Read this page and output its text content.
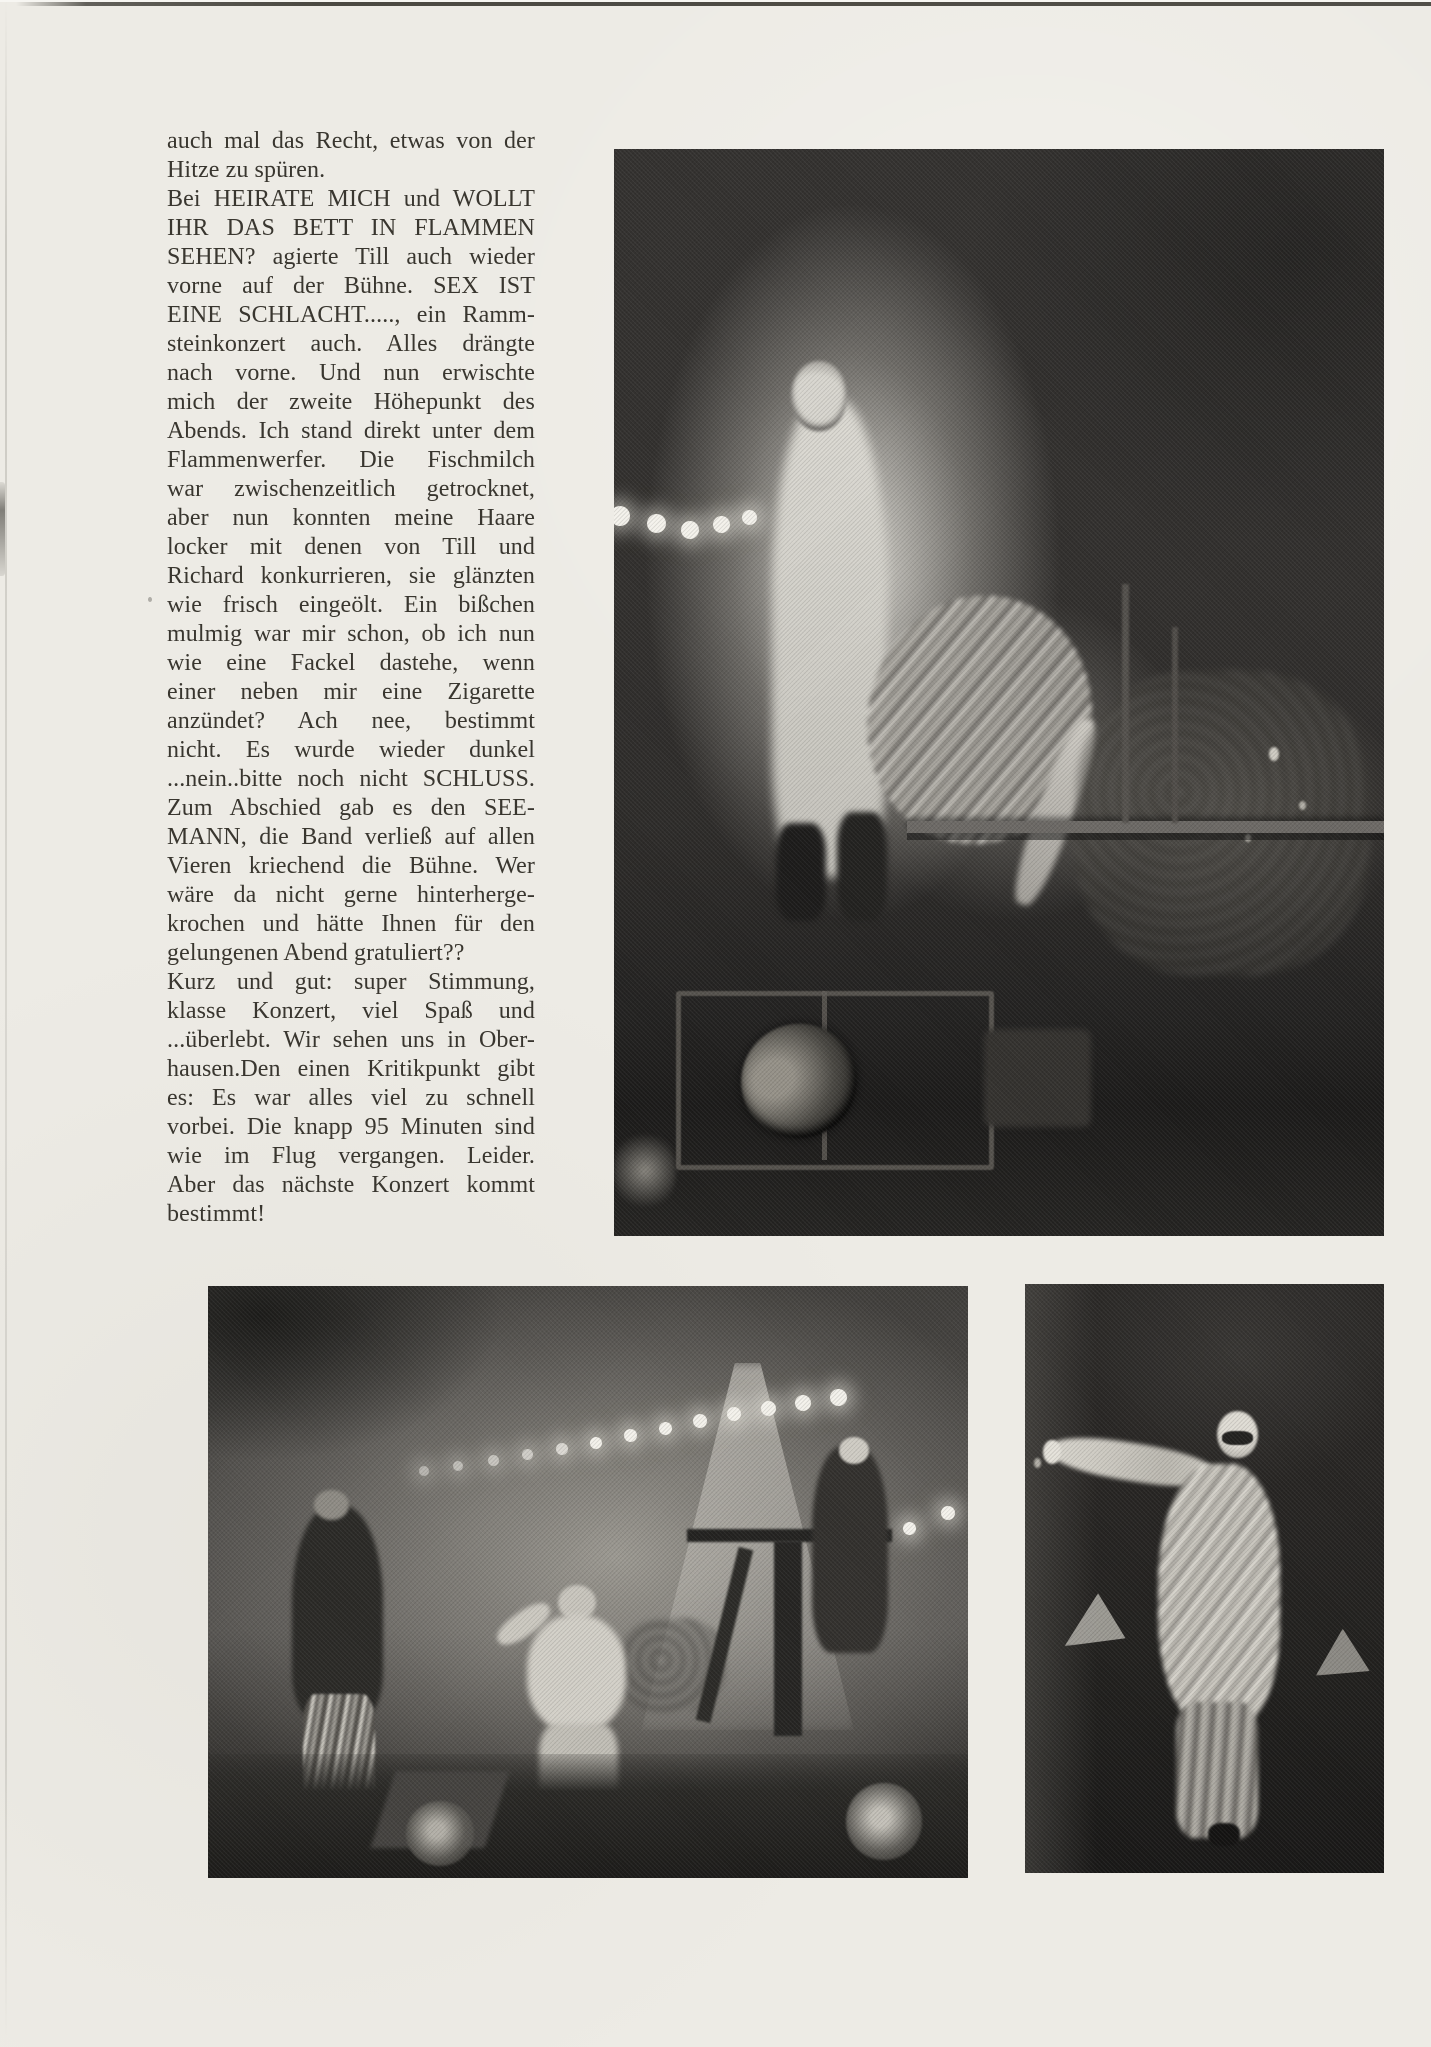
auch mal das Recht, etwas von der
Hitze zu spüren.
Bei HEIRATE MICH und WOLLT
IHR DAS BETT IN FLAMMEN
SEHEN? agierte Till auch wieder
vorne auf der Bühne. SEX IST
EINE SCHLACHT....., ein Ramm-
steinkonzert auch. Alles drängte
nach vorne. Und nun erwischte
mich der zweite Höhepunkt des
Abends. Ich stand direkt unter dem
Flammenwerfer. Die Fischmilch
war zwischenzeitlich getrocknet,
aber nun konnten meine Haare
locker mit denen von Till und
Richard konkurrieren, sie glänzten
wie frisch eingeölt. Ein bißchen
mulmig war mir schon, ob ich nun
wie eine Fackel dastehe, wenn
einer neben mir eine Zigarette
anzündet? Ach nee, bestimmt
nicht. Es wurde wieder dunkel
...nein..bitte noch nicht SCHLUSS.
Zum Abschied gab es den SEE-
MANN, die Band verließ auf allen
Vieren kriechend die Bühne. Wer
wäre da nicht gerne hinterherge-
krochen und hätte Ihnen für den
gelungenen Abend gratuliert??
Kurz und gut: super Stimmung,
klasse Konzert, viel Spaß und
...überlebt. Wir sehen uns in Ober-
hausen.Den einen Kritikpunkt gibt
es: Es war alles viel zu schnell
vorbei. Die knapp 95 Minuten sind
wie im Flug vergangen. Leider.
Aber das nächste Konzert kommt
bestimmt!
